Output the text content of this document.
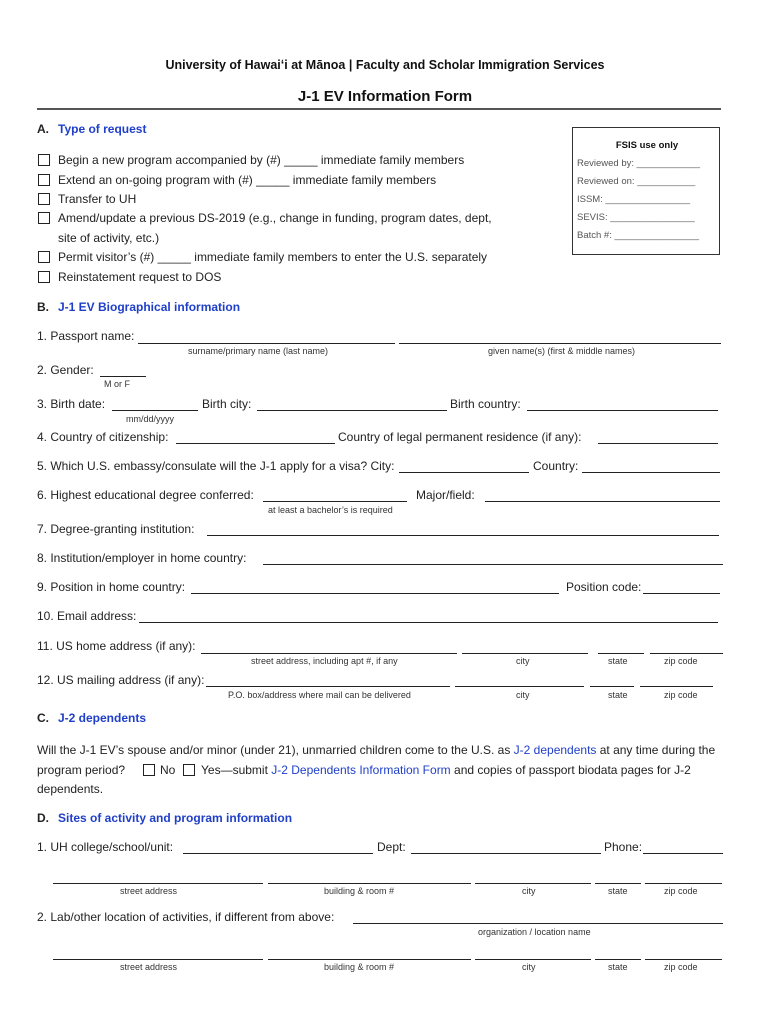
University of Hawaiʻi at Mānoa | Faculty and Scholar Immigration Services
J-1 EV Information Form
FSIS use only
Reviewed by: ____________
Reviewed on: ___________
ISSM: ________________
SEVIS: ________________
Batch #: ________________
A. Type of request
Begin a new program accompanied by (#) _____ immediate family members
Extend an on-going program with (#) _____ immediate family members
Transfer to UH
Amend/update a previous DS-2019 (e.g., change in funding, program dates, dept,
site of activity, etc.)
Permit visitor’s (#) _____ immediate family members to enter the U.S. separately
Reinstatement request to DOS
B. J-1 EV Biographical information
1. Passport name:
surname/primary name (last name)	given name(s) (first & middle names)
2. Gender:
M or F
3. Birth date:	Birth city:	Birth country:
mm/dd/yyyy
4. Country of citizenship:	Country of legal permanent residence (if any):
5. Which U.S. embassy/consulate will the J-1 apply for a visa? City:	Country:
6. Highest educational degree conferred:	Major/field:
at least a bachelor’s is required
7. Degree-granting institution:
8. Institution/employer in home country:
9. Position in home country:	Position code :
10. Email address:
11. US home address (if any):
street address, including apt #, if any	city	state	zip code
12. US mailing address (if any):
P.O. box/address where mail can be delivered	city	state	zip code
C. J-2 dependents
Will the J-1 EV’s spouse and/or minor (under 21), unmarried children come to the U.S. as J-2 dependents at any time during the
program period?	No Yes—submit J-2 Dependents Information Form and copies of passport biodata pages for J-2
dependents.
D. Sites of activity and program information
1. UH college/school/unit:	Dept:	Phone:
street address	building & room #	city	state	zip code
2. Lab/other location of activities, if different from above:
organization / location name
street address	building & room #	city	state	zip code
